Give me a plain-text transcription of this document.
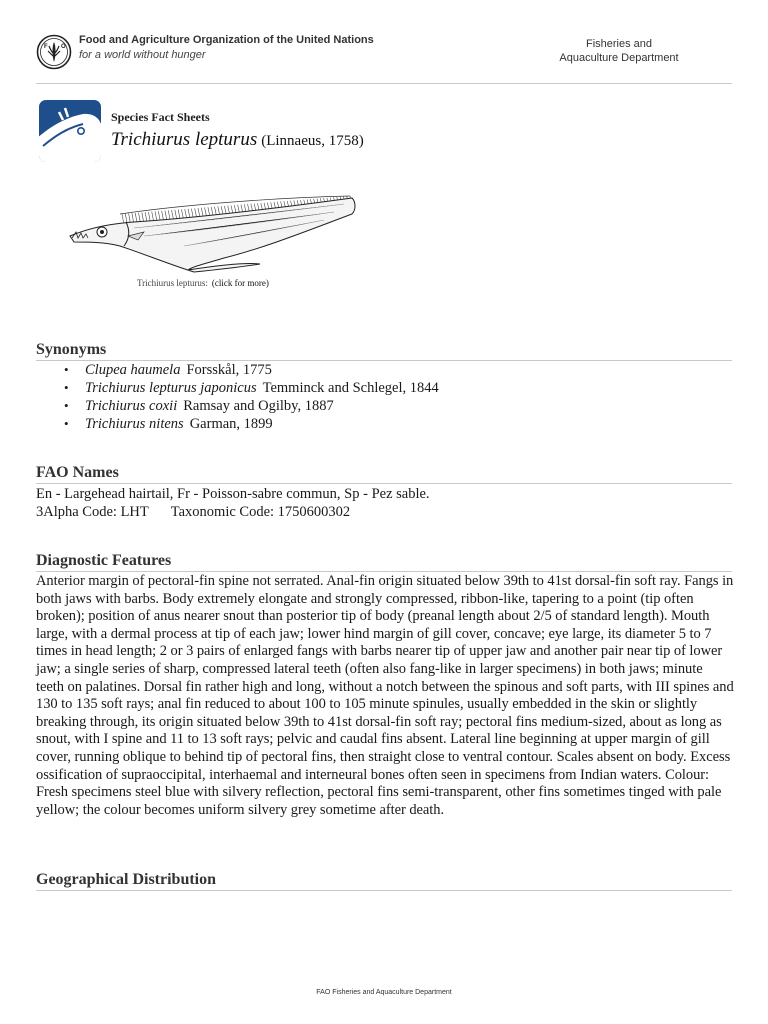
F O
Food and Agriculture Organization of the United Nations
for a world without hunger
Fisheries and
Aquaculture Department
Species Fact Sheets
Trichiurus lepturus (Linnaeus, 1758)
Trichiurus lepturus: (click for more)
Synonyms
• Clupea haumela Forsskål, 1775
• Trichiurus lepturus japonicus Temminck and Schlegel, 1844
• Trichiurus coxii Ramsay and Ogilby, 1887
• Trichiurus nitens Garman, 1899
FAO Names
En - Largehead hairtail, Fr - Poisson-sabre commun, Sp - Pez sable.
3Alpha Code: LHT Taxonomic Code: 1750600302
Diagnostic Features
Anterior margin of pectoral-fin spine not serrated. Anal-fin origin situated below 39th to 41st dorsal-fin soft ray. Fangs in both jaws with barbs. Body extremely elongate and strongly compressed, ribbon-like, tapering to a point (tip often broken); position of anus nearer snout than posterior tip of body (preanal length about 2/5 of standard length). Mouth large, with a dermal process at tip of each jaw; lower hind margin of gill cover, concave; eye large, its diameter 5 to 7 times in head length; 2 or 3 pairs of enlarged fangs with barbs nearer tip of upper jaw and another pair near tip of lower jaw; a single series of sharp, compressed lateral teeth (often also fang-like in larger specimens) in both jaws; minute teeth on palatines. Dorsal fin rather high and long, without a notch between the spinous and soft parts, with III spines and 130 to 135 soft rays; anal fin reduced to about 100 to 105 minute spinules, usually embedded in the skin or slightly breaking through, its origin situated below 39th to 41st dorsal-fin soft ray; pectoral fins medium-sized, about as long as snout, with I spine and 11 to 13 soft rays; pelvic and caudal fins absent. Lateral line beginning at upper margin of gill cover, running oblique to behind tip of pectoral fins, then straight close to ventral contour. Scales absent on body. Excess ossification of supraoccipital, interhaemal and interneural bones often seen in specimens from Indian waters. Colour: Fresh specimens steel blue with silvery reflection, pectoral fins semi-transparent, other fins sometimes tinged with pale yellow; the colour becomes uniform silvery grey sometime after death.
Geographical Distribution
FAO Fisheries and Aquaculture Department
